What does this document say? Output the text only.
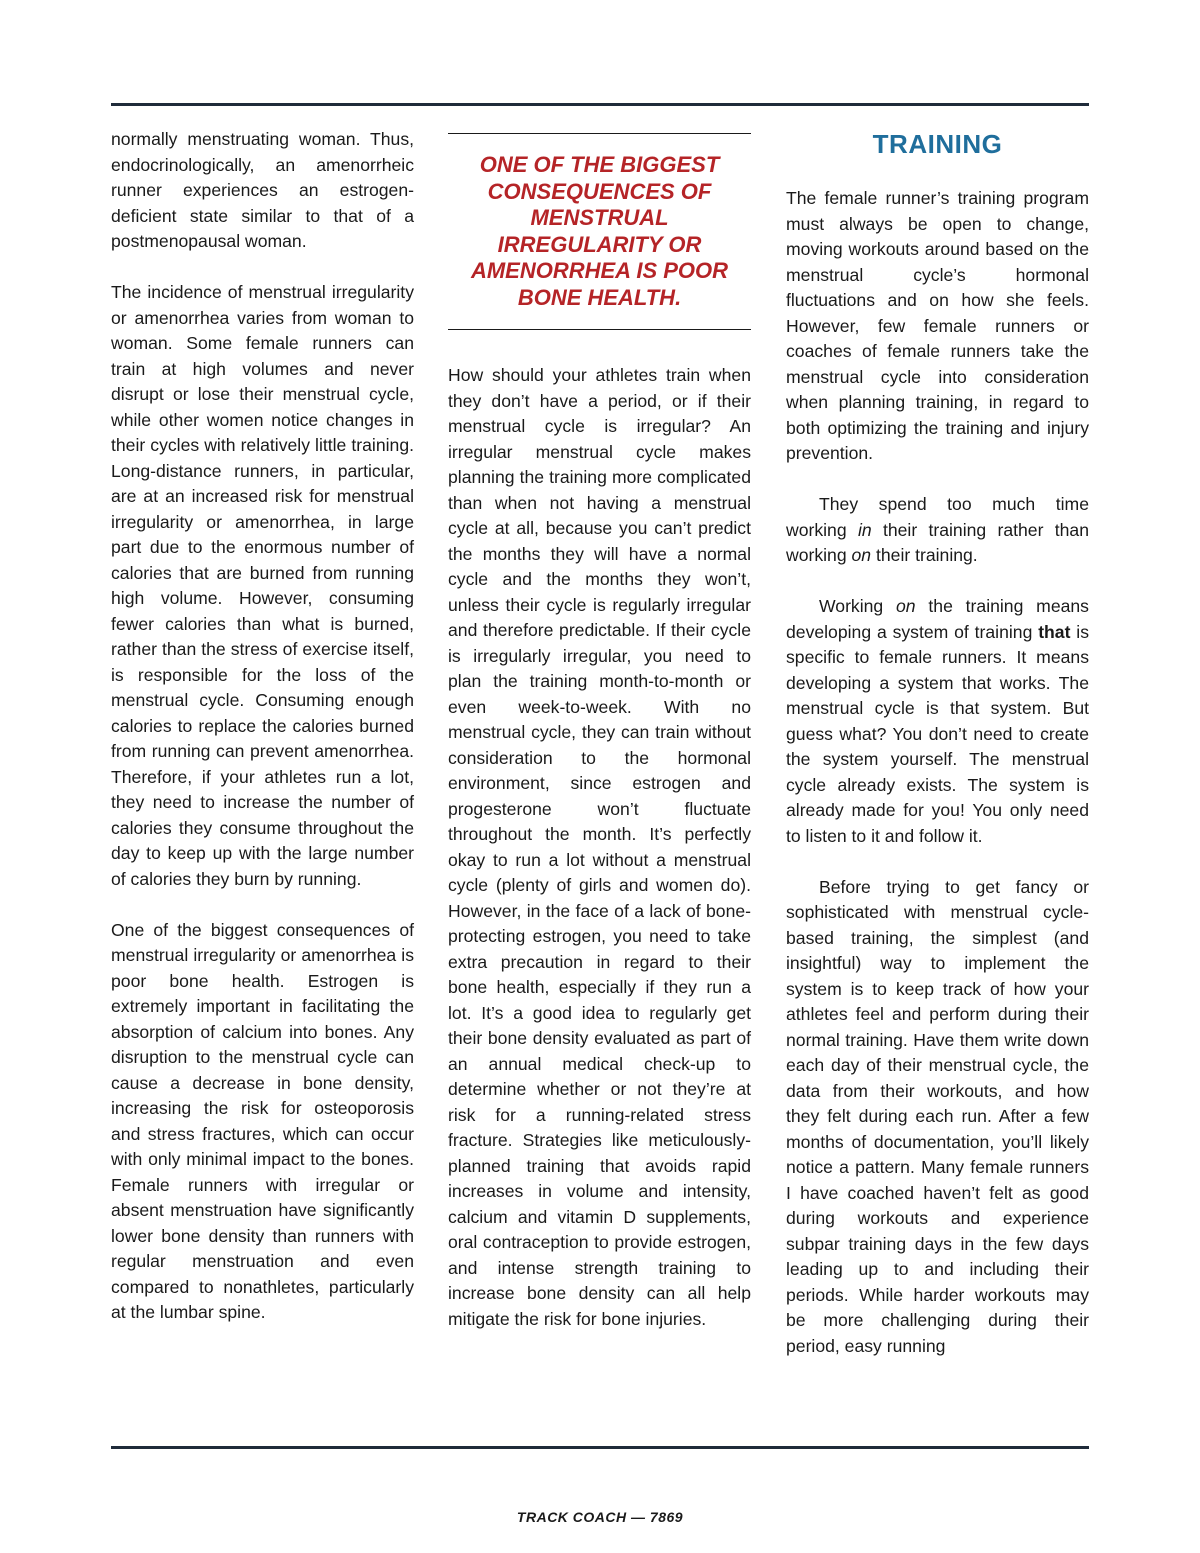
normally menstruating woman. Thus, endocrinologically, an amenorrheic runner experiences an estrogen-deficient state similar to that of a postmenopausal woman.

The incidence of menstrual irregularity or amenorrhea varies from woman to woman. Some female runners can train at high volumes and never disrupt or lose their menstrual cycle, while other women notice changes in their cycles with relatively little training. Long-distance runners, in particular, are at an increased risk for menstrual irregularity or amenorrhea, in large part due to the enormous number of calories that are burned from running high volume. However, consuming fewer calories than what is burned, rather than the stress of exercise itself, is responsible for the loss of the menstrual cycle. Consuming enough calories to replace the calories burned from running can prevent amenorrhea. Therefore, if your athletes run a lot, they need to increase the number of calories they consume throughout the day to keep up with the large number of calories they burn by running.

One of the biggest consequences of menstrual irregularity or amenorrhea is poor bone health. Estrogen is extremely important in facilitating the absorption of calcium into bones. Any disruption to the menstrual cycle can cause a decrease in bone density, increasing the risk for osteoporosis and stress fractures, which can occur with only minimal impact to the bones. Female runners with irregular or absent menstruation have significantly lower bone density than runners with regular menstruation and even compared to nonathletes, particularly at the lumbar spine.

ONE OF THE BIGGEST CONSEQUENCES OF MENSTRUAL IRREGULARITY OR AMENORRHEA IS POOR BONE HEALTH.

How should your athletes train when they don’t have a period, or if their menstrual cycle is irregular? An irregular menstrual cycle makes planning the training more complicated than when not having a menstrual cycle at all, because you can’t predict the months they will have a normal cycle and the months they won’t, unless their cycle is regularly irregular and therefore predictable. If their cycle is irregularly irregular, you need to plan the training month-to-month or even week-to-week. With no menstrual cycle, they can train without consideration to the hormonal environment, since estrogen and progesterone won’t fluctuate throughout the month. It’s perfectly okay to run a lot without a menstrual cycle (plenty of girls and women do). However, in the face of a lack of bone-protecting estrogen, you need to take extra precaution in regard to their bone health, especially if they run a lot. It’s a good idea to regularly get their bone density evaluated as part of an annual medical check-up to determine whether or not they’re at risk for a running-related stress fracture. Strategies like meticulously-planned training that avoids rapid increases in volume and intensity, calcium and vitamin D supplements, oral contraception to provide estrogen, and intense strength training to increase bone density can all help mitigate the risk for bone injuries.

TRAINING

The female runner’s training program must always be open to change, moving workouts around based on the menstrual cycle’s hormonal fluctuations and on how she feels. However, few female runners or coaches of female runners take the menstrual cycle into consideration when planning training, in regard to both optimizing the training and injury prevention.

They spend too much time working in their training rather than working on their training.

Working on the training means developing a system of training that is specific to female runners. It means developing a system that works. The menstrual cycle is that system. But guess what? You don’t need to create the system yourself. The menstrual cycle already exists. The system is already made for you! You only need to listen to it and follow it.

Before trying to get fancy or sophisticated with menstrual cycle-based training, the simplest (and insightful) way to implement the system is to keep track of how your athletes feel and perform during their normal training. Have them write down each day of their menstrual cycle, the data from their workouts, and how they felt during each run. After a few months of documentation, you’ll likely notice a pattern. Many female runners I have coached haven’t felt as good during workouts and experience subpar training days in the few days leading up to and including their periods. While harder workouts may be more challenging during their period, easy running

TRACK COACH — 7869
